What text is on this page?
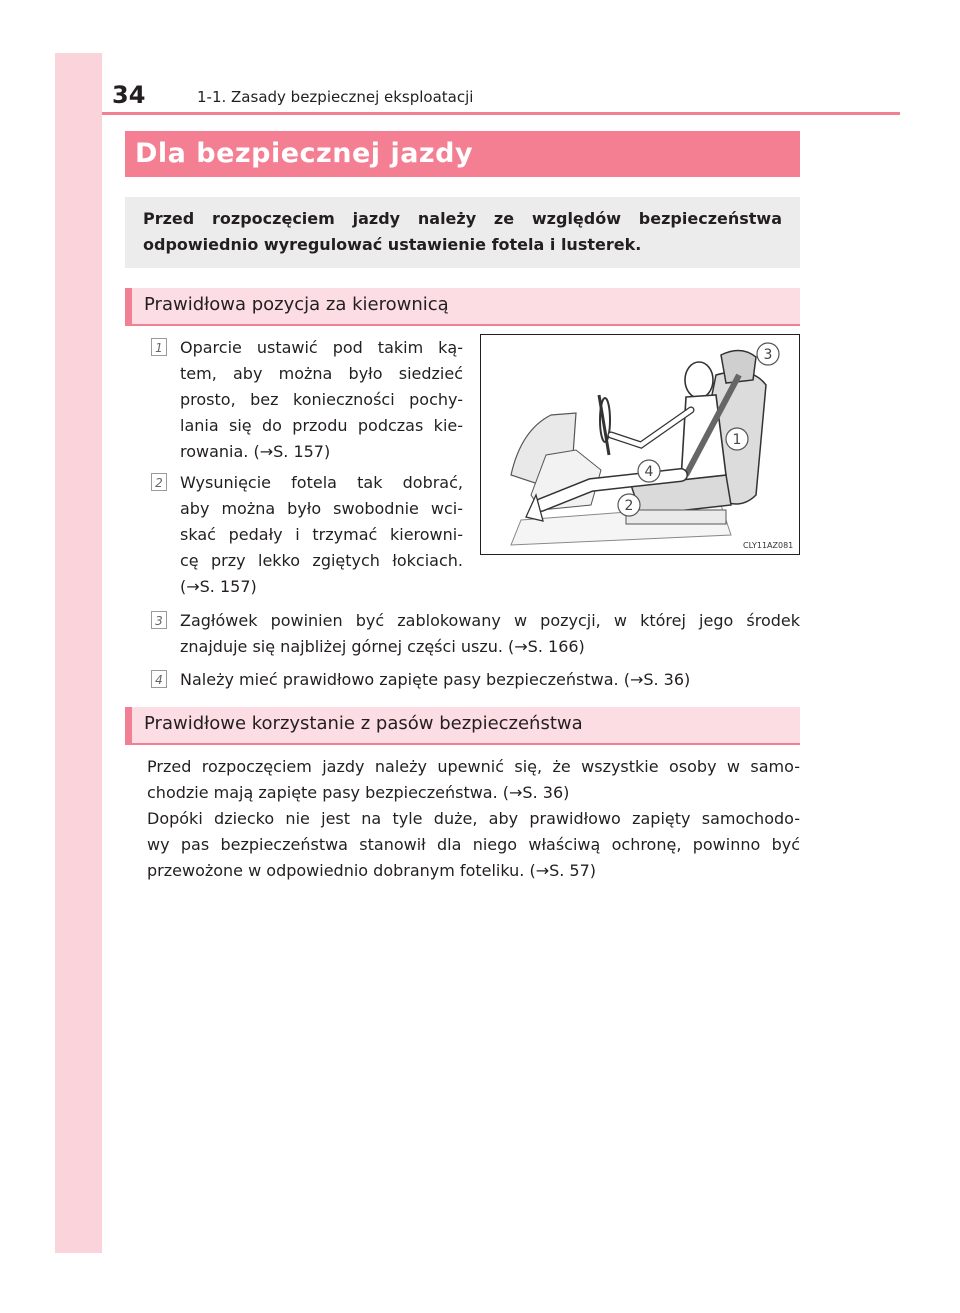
34	1-1. Zasady bezpiecznej eksploatacji
Dla bezpiecznej jazdy
Przed rozpoczęciem jazdy należy ze względów bezpieczeństwa
odpowiednio wyregulować ustawienie fotela i lusterek.
Prawidłowa pozycja za kierownicą
1 Oparcie ustawić pod takim ką-
tem, aby można było siedzieć
prosto, bez konieczności pochy-
lania się do przodu podczas kie-
rowania. (→S. 157)
2 Wysunięcie fotela tak dobrać,
aby można było swobodnie wci-
skać pedały i trzymać kierowni-
cę przy lekko zgiętych łokciach.
(→S. 157)
3
1
4
2
CLY11AZ081
3 Zagłówek powinien być zablokowany w pozycji, w której jego środek
znajduje się najbliżej górnej części uszu. (→S. 166)
4 Należy mieć prawidłowo zapięte pasy bezpieczeństwa. (→S. 36)
Prawidłowe korzystanie z pasów bezpieczeństwa
Przed rozpoczęciem jazdy należy upewnić się, że wszystkie osoby w samo-
chodzie mają zapięte pasy bezpieczeństwa. (→S. 36)
Dopóki dziecko nie jest na tyle duże, aby prawidłowo zapięty samochodo-
wy pas bezpieczeństwa stanowił dla niego właściwą ochronę, powinno być
przewożone w odpowiednio dobranym foteliku. (→S. 57)
